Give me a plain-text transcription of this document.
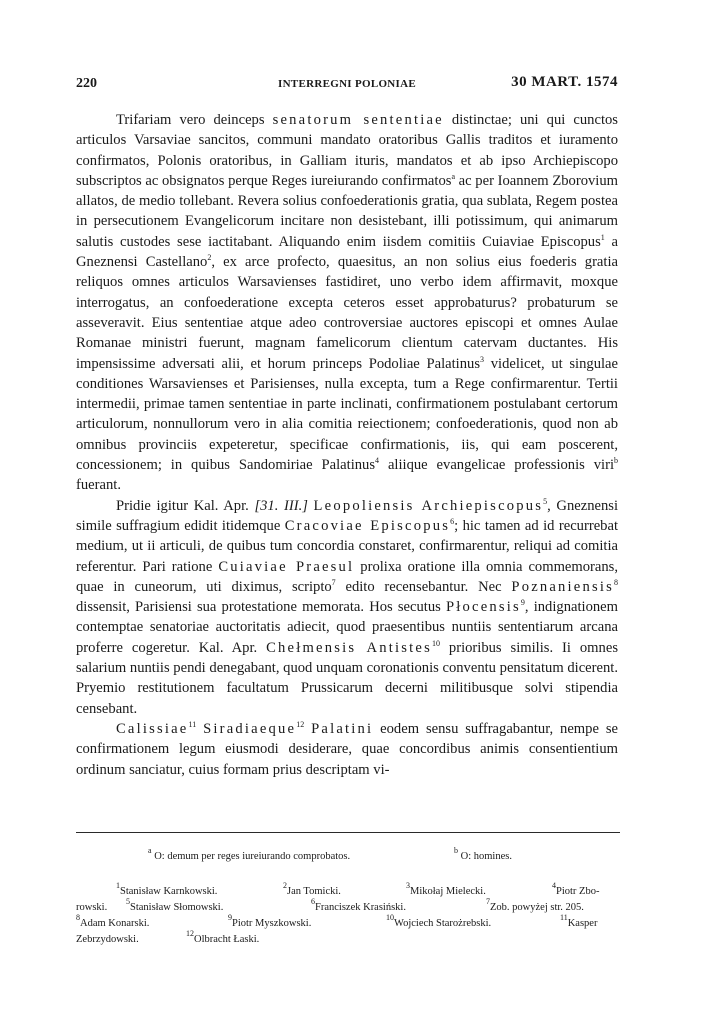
220	INTERREGNI POLONIAE	30 MART. 1574

Trifariam vero deinceps senatorum sententiae distinctae; uni qui cunctos articulos Varsaviae sancitos, communi mandato oratoribus Gallis traditos et iuramento confirmatos, Polonis oratoribus, in Galliam ituris, mandatos et ab ipso Archiepiscopo subscriptos ac obsignatos perque Reges iureiurando confirmatos$^a$ ac per Ioannem Zborovium allatos, de medio tollebant. Revera solius confoederationis gratia, qua sublata, Regem postea in persecutionem Evangelicorum incitare non desistebant, illi potissimum, qui animarum salutis custodes sese iactitabant. Aliquando enim iisdem comitiis Cuiaviae Episcopus$^1$ a Gneznensi Castellano$^2$, ex arce profecto, quaesitus, an non solius eius foederis gratia reliquos omnes articulos Warsavienses fastidiret, uno verbo idem affirmavit, moxque interrogatus, an confoederatione excepta ceteros esset approbaturus? probaturum se asseveravit. Eius sententiae atque adeo controversiae auctores episcopi et omnes Aulae Romanae ministri fuerunt, magnam famelicorum clientum catervam ductantes. His impensissime adversati alii, et horum princeps Podoliae Palatinus$^3$ videlicet, ut singulae conditiones Warsavienses et Parisienses, nulla excepta, tum a Rege confirmarentur. Tertii intermedii, primae tamen sententiae in parte inclinati, confirmationem postulabant certorum articulorum, nonnullorum vero in alia comitia reiectionem; confoederationis, quod non ab omnibus provinciis expeteretur, specificae confirmationis, iis, qui eam poscerent, concessionem; in quibus Sandomiriae Palatinus$^4$ aliique evangelicae professionis viri$^b$ fuerant.

Pridie igitur Kal. Apr. [31. III.] Leopoliensis Archiepiscopus$^5$, Gneznensi simile suffragium edidit itidemque Cracoviae Episcopus$^6$; hic tamen ad id recurrebat medium, ut ii articuli, de quibus tum concordia constaret, confirmarentur, reliqui ad comitia referentur. Pari ratione Cuiaviae Praesul prolixa oratione illa omnia commemorans, quae in cuneorum, uti diximus, scripto$^7$ edito recensebantur. Nec Poznaniensis$^8$ dissensit, Parisiensi sua protestatione memorata. Hos secutus Płocensis$^9$, indignationem contemptae senatoriae auctoritatis adiecit, quod praesentibus nuntiis sententiarum arcana proferre cogeretur. Kal. Apr. Chełmensis Antistes$^{10}$ prioribus similis. Ii omnes salarium nuntiis pendi denegabant, quod unquam coronationis conventu pensitatum dicerent. Pryemio restitutionem facultatum Prussicarum decerni militibusque solvi stipendia censebant.

Calissiae$^{11}$ Siradiaeque$^{12}$ Palatini eodem sensu suffragabantur, nempe se confirmationem legum eiusmodi desiderare, quae concordibus animis consentientium ordinum sanciatur, cuius formam prius descriptam vi-

$^a$ O: demum per reges iureiurando comprobatos.
$^b$ O: homines.
$^1$
Stanisław Karnkowski.
$^2$
Jan Tomicki.
$^3$
Mikołaj Mielecki.
$^4$
Piotr Zbo-
rowski.
$^5$
Stanisław Słomowski.
$^6$
Franciszek Krasiński.
$^7$
Zob. powyżej str. 205.
$^8$
Adam Konarski.
$^9$
Piotr Myszkowski.
$^{10}$
Wojciech Starożrebski.
$^{11}$
Kasper
Zebrzydowski.
$^{12}$
Olbracht Łaski.
